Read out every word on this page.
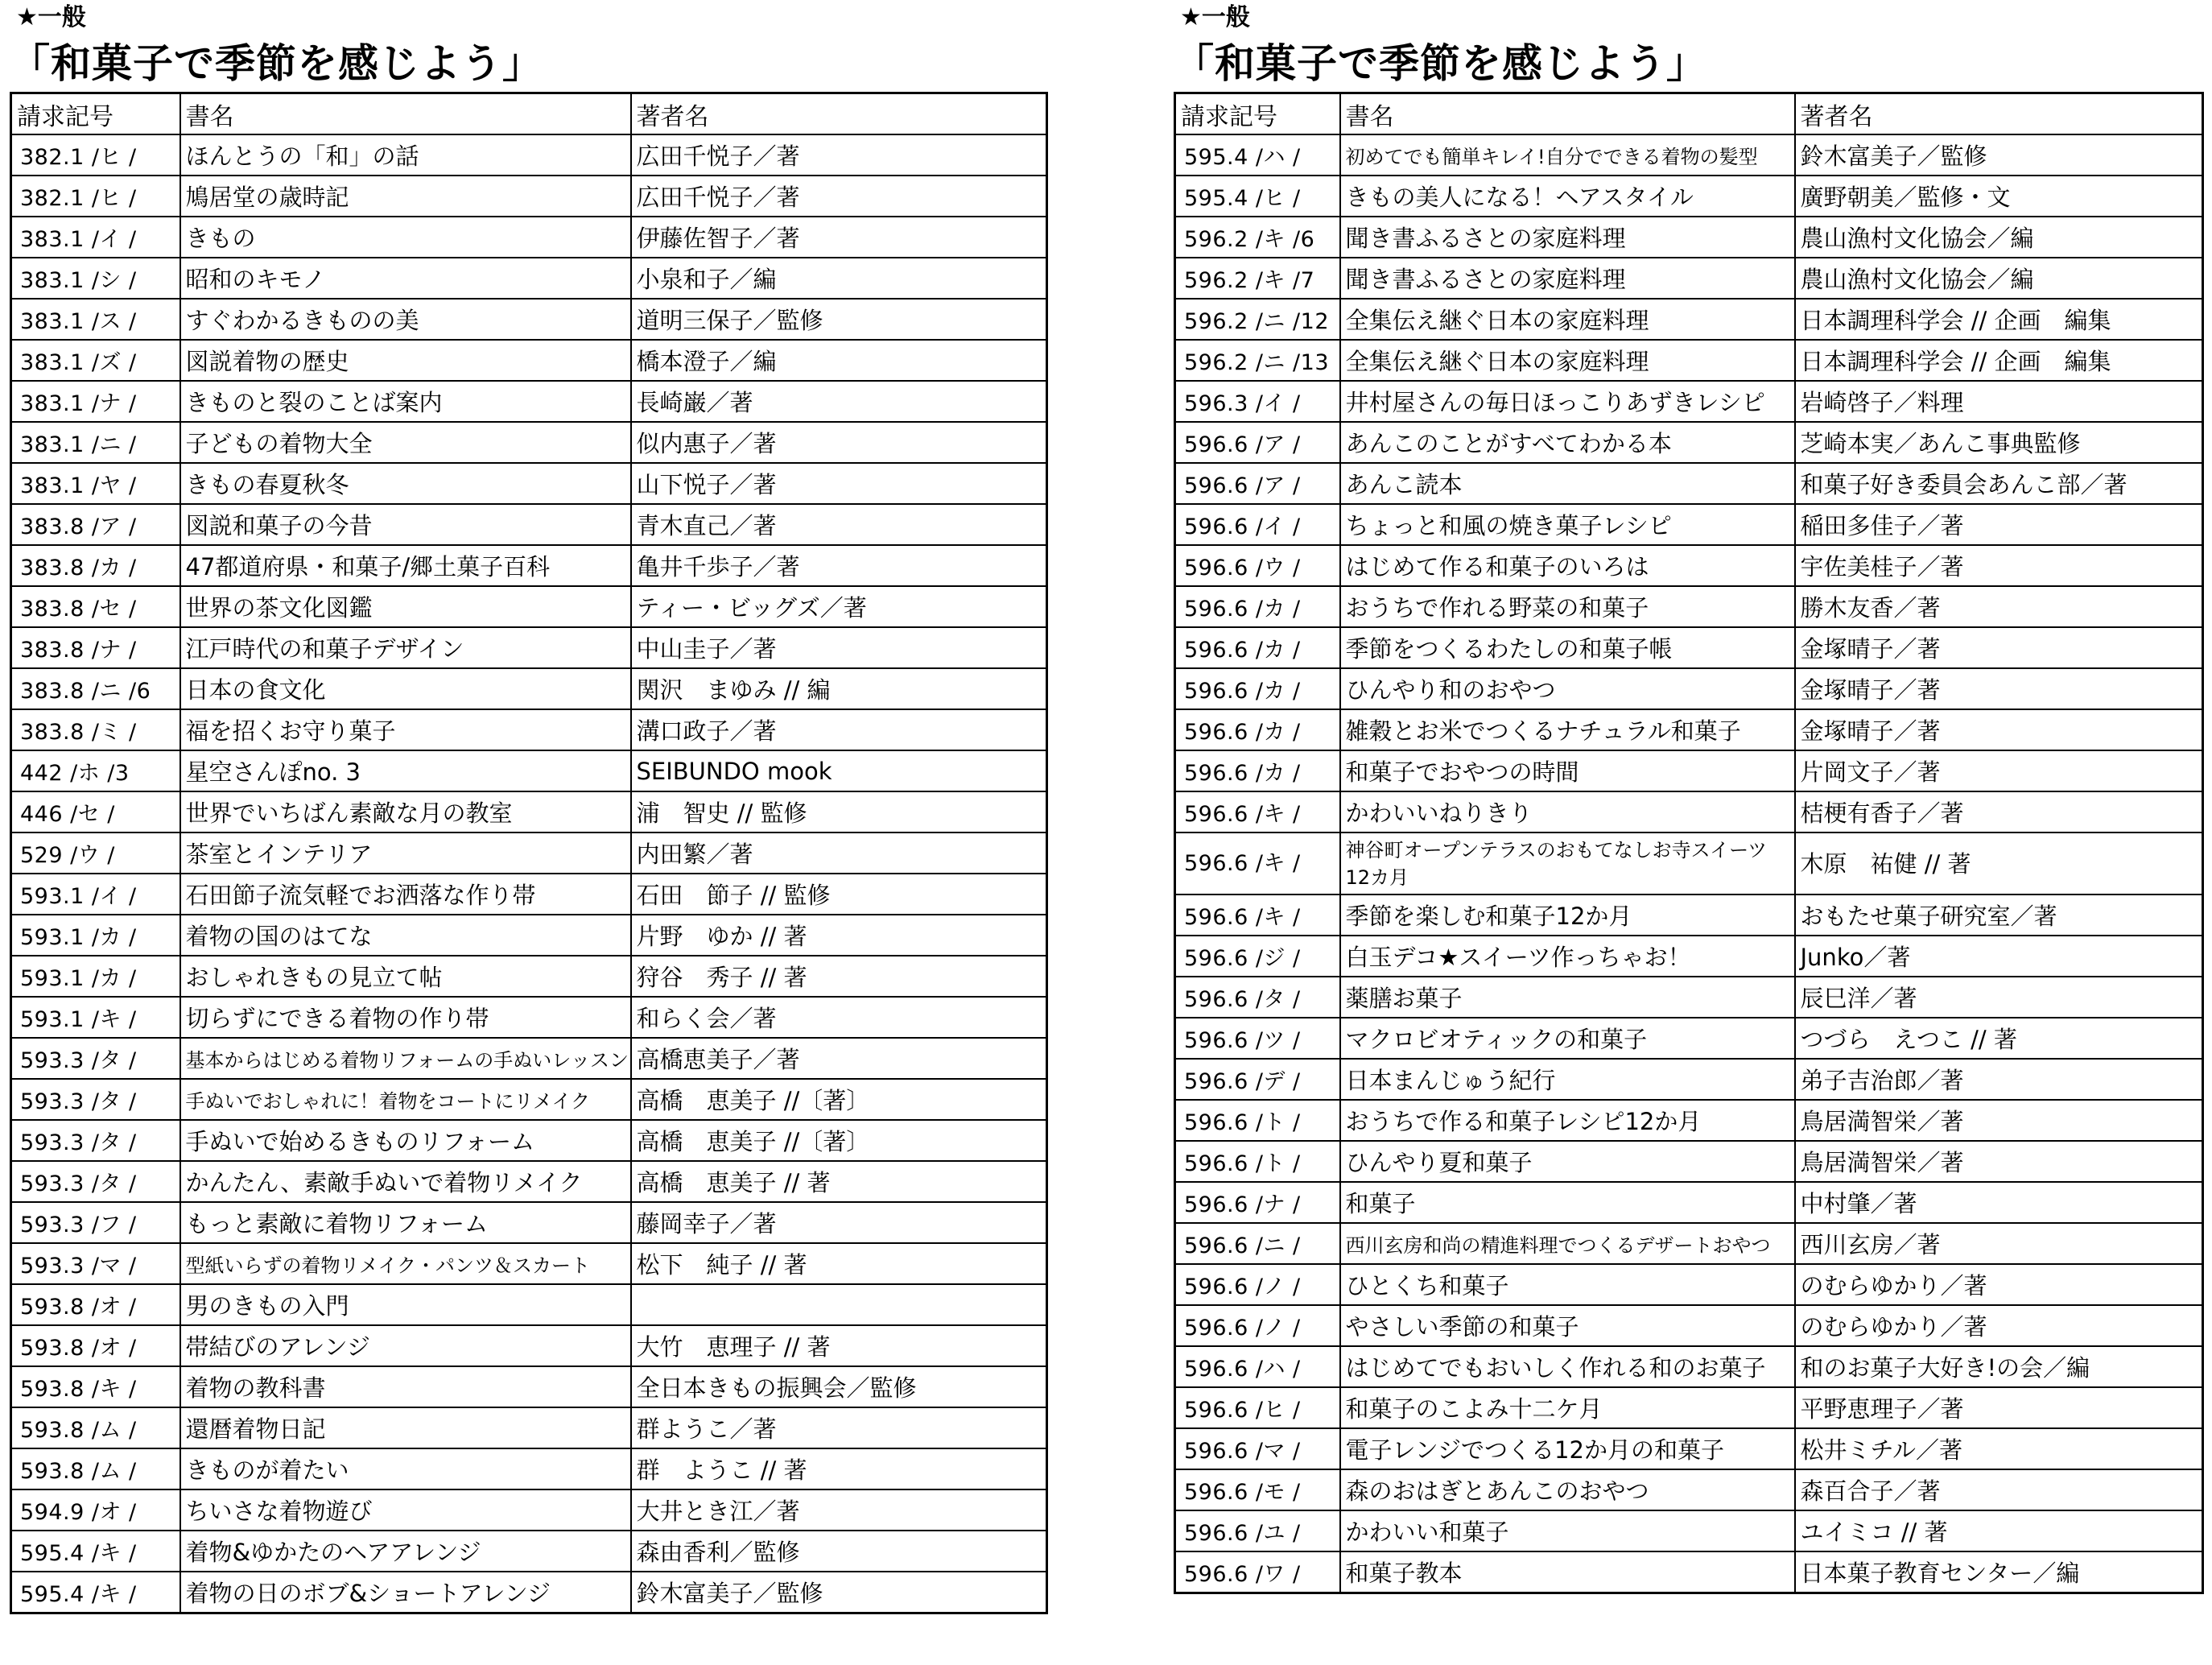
★一般
「和菓子で季節を感じよう」
請求記号	書名	著者名
382.1 /ヒ /	ほんとうの「和」の話	広田千悦子／著
382.1 /ヒ /	鳩居堂の歳時記	広田千悦子／著
383.1 /イ /	きもの	伊藤佐智子／著
383.1 /シ /	昭和のキモノ	小泉和子／編
383.1 /ス /	すぐわかるきものの美	道明三保子／監修
383.1 /ズ /	図説着物の歴史	橋本澄子／編
383.1 /ナ /	きものと裂のことば案内	長崎巌／著
383.1 /ニ /	子どもの着物大全	似内惠子／著
383.1 /ヤ /	きもの春夏秋冬	山下悦子／著
383.8 /ア /	図説和菓子の今昔	青木直己／著
383.8 /カ /	47都道府県・和菓子/郷土菓子百科	亀井千歩子／著
383.8 /セ /	世界の茶文化図鑑	ティー・ビッグズ／著
383.8 /ナ /	江戸時代の和菓子デザイン	中山圭子／著
383.8 /ニ /6	日本の食文化	関沢　まゆみ // 編
383.8 /ミ /	福を招くお守り菓子	溝口政子／著
442 /ホ /3	星空さんぽno. 3	SEIBUNDO mook
446 /セ /	世界でいちばん素敵な月の教室	浦　智史 // 監修
529 /ウ /	茶室とインテリア	内田繁／著
593.1 /イ /	石田節子流気軽でお洒落な作り帯	石田　節子 // 監修
593.1 /カ /	着物の国のはてな	片野　ゆか // 著
593.1 /カ /	おしゃれきもの見立て帖	狩谷　秀子 // 著
593.1 /キ /	切らずにできる着物の作り帯	和らく会／著
593.3 /タ /	基本からはじめる着物リフォームの手ぬいレッスン	高橋恵美子／著
593.3 /タ /	手ぬいでおしゃれに！着物をコートにリメイク	高橋　恵美子 //〔著〕
593.3 /タ /	手ぬいで始めるきものリフォーム	高橋　恵美子 //〔著〕
593.3 /タ /	かんたん、素敵手ぬいで着物リメイク	高橋　恵美子 // 著
593.3 /フ /	もっと素敵に着物リフォーム	藤岡幸子／著
593.3 /マ /	型紙いらずの着物リメイク・パンツ＆スカート	松下　純子 // 著
593.8 /オ /	男のきもの入門	
593.8 /オ /	帯結びのアレンジ	大竹　恵理子 // 著
593.8 /キ /	着物の教科書	全日本きもの振興会／監修
593.8 /ム /	還暦着物日記	群ようこ／著
593.8 /ム /	きものが着たい	群　ようこ // 著
594.9 /オ /	ちいさな着物遊び	大井とき江／著
595.4 /キ /	着物&ゆかたのヘアアレンジ	森由香利／監修
595.4 /キ /	着物の日のボブ&ショートアレンジ	鈴木富美子／監修
★一般
「和菓子で季節を感じよう」
請求記号	書名	著者名
595.4 /ハ /	初めてでも簡単キレイ!自分でできる着物の髪型	鈴木富美子／監修
595.4 /ヒ /	きもの美人になる！ヘアスタイル	廣野朝美／監修・文
596.2 /キ /6	聞き書ふるさとの家庭料理	農山漁村文化協会／編
596.2 /キ /7	聞き書ふるさとの家庭料理	農山漁村文化協会／編
596.2 /ニ /12	全集伝え継ぐ日本の家庭料理	日本調理科学会 // 企画　編集
596.2 /ニ /13	全集伝え継ぐ日本の家庭料理	日本調理科学会 // 企画　編集
596.3 /イ /	井村屋さんの毎日ほっこりあずきレシピ	岩崎啓子／料理
596.6 /ア /	あんこのことがすべてわかる本	芝崎本実／あんこ事典監修
596.6 /ア /	あんこ読本	和菓子好き委員会あんこ部／著
596.6 /イ /	ちょっと和風の焼き菓子レシピ	稲田多佳子／著
596.6 /ウ /	はじめて作る和菓子のいろは	宇佐美桂子／著
596.6 /カ /	おうちで作れる野菜の和菓子	勝木友香／著
596.6 /カ /	季節をつくるわたしの和菓子帳	金塚晴子／著
596.6 /カ /	ひんやり和のおやつ	金塚晴子／著
596.6 /カ /	雑穀とお米でつくるナチュラル和菓子	金塚晴子／著
596.6 /カ /	和菓子でおやつの時間	片岡文子／著
596.6 /キ /	かわいいねりきり	桔梗有香子／著
596.6 /キ /	神谷町オープンテラスのおもてなしお寺スイーツ12カ月	木原　祐健 // 著
596.6 /キ /	季節を楽しむ和菓子12か月	おもたせ菓子研究室／著
596.6 /ジ /	白玉デコ★スイーツ作っちゃお！	Junko／著
596.6 /タ /	薬膳お菓子	辰巳洋／著
596.6 /ツ /	マクロビオティックの和菓子	つづら　えつこ // 著
596.6 /デ /	日本まんじゅう紀行	弟子吉治郎／著
596.6 /ト /	おうちで作る和菓子レシピ12か月	鳥居満智栄／著
596.6 /ト /	ひんやり夏和菓子	鳥居満智栄／著
596.6 /ナ /	和菓子	中村肇／著
596.6 /ニ /	西川玄房和尚の精進料理でつくるデザートおやつ	西川玄房／著
596.6 /ノ /	ひとくち和菓子	のむらゆかり／著
596.6 /ノ /	やさしい季節の和菓子	のむらゆかり／著
596.6 /ハ /	はじめてでもおいしく作れる和のお菓子	和のお菓子大好き!の会／編
596.6 /ヒ /	和菓子のこよみ十二ケ月	平野恵理子／著
596.6 /マ /	電子レンジでつくる12か月の和菓子	松井ミチル／著
596.6 /モ /	森のおはぎとあんこのおやつ	森百合子／著
596.6 /ユ /	かわいい和菓子	ユイミコ // 著
596.6 /ワ /	和菓子教本	日本菓子教育センター／編
